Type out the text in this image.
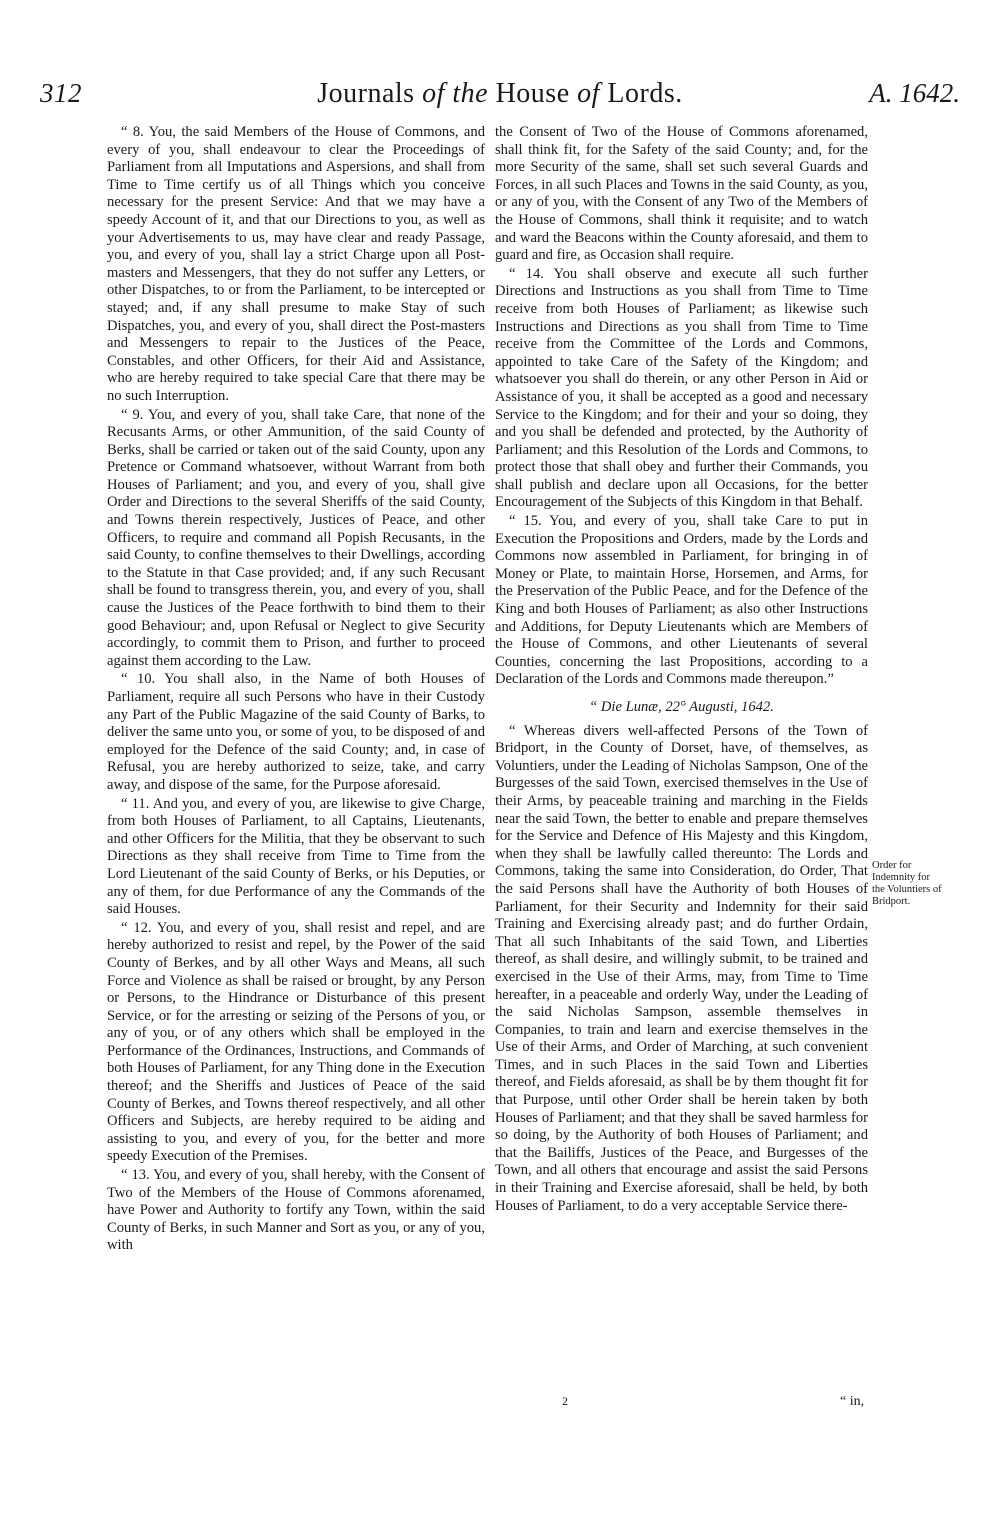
312	Journals of the House of Lords.	A. 1642.

“ 8. You, the said Members of the House of Commons, and every of you, shall endeavour to clear the Proceedings of Parliament from all Imputations and Aspersions, and shall from Time to Time certify us of all Things which you conceive necessary for the present Service: And that we may have a speedy Account of it, and that our Directions to you, as well as your Advertisements to us, may have clear and ready Passage, you, and every of you, shall lay a strict Charge upon all Post-masters and Messengers, that they do not suffer any Letters, or other Dispatches, to or from the Parliament, to be intercepted or stayed; and, if any shall presume to make Stay of such Dispatches, you, and every of you, shall direct the Post-masters and Messengers to repair to the Justices of the Peace, Constables, and other Officers, for their Aid and Assistance, who are hereby required to take special Care that there may be no such Interruption.

“ 9. You, and every of you, shall take Care, that none of the Recusants Arms, or other Ammunition, of the said County of Berks, shall be carried or taken out of the said County, upon any Pretence or Command whatsoever, without Warrant from both Houses of Parliament; and you, and every of you, shall give Order and Directions to the several Sheriffs of the said County, and Towns therein respectively, Justices of Peace, and other Officers, to require and command all Popish Recusants, in the said County, to confine themselves to their Dwellings, according to the Statute in that Case provided; and, if any such Recusant shall be found to transgress therein, you, and every of you, shall cause the Justices of the Peace forthwith to bind them to their good Behaviour; and, upon Refusal or Neglect to give Security accordingly, to commit them to Prison, and further to proceed against them according to the Law.

“ 10. You shall also, in the Name of both Houses of Parliament, require all such Persons who have in their Custody any Part of the Public Magazine of the said County of Barks, to deliver the same unto you, or some of you, to be disposed of and employed for the Defence of the said County; and, in case of Refusal, you are hereby authorized to seize, take, and carry away, and dispose of the same, for the Purpose aforesaid.

“ 11. And you, and every of you, are likewise to give Charge, from both Houses of Parliament, to all Captains, Lieutenants, and other Officers for the Militia, that they be observant to such Directions as they shall receive from Time to Time from the Lord Lieutenant of the said County of Berks, or his Deputies, or any of them, for due Performance of any the Commands of the said Houses.

“ 12. You, and every of you, shall resist and repel, and are hereby authorized to resist and repel, by the Power of the said County of Berkes, and by all other Ways and Means, all such Force and Violence as shall be raised or brought, by any Person or Persons, to the Hindrance or Disturbance of this present Service, or for the arresting or seizing of the Persons of you, or any of you, or of any others which shall be employed in the Performance of the Ordinances, Instructions, and Commands of both Houses of Parliament, for any Thing done in the Execution thereof; and the Sheriffs and Justices of Peace of the said County of Berkes, and Towns thereof respectively, and all other Officers and Subjects, are hereby required to be aiding and assisting to you, and every of you, for the better and more speedy Execution of the Premises.

“ 13. You, and every of you, shall hereby, with the Consent of Two of the Members of the House of Commons aforenamed, have Power and Authority to fortify any Town, within the said County of Berks, in such Manner and Sort as you, or any of you, with

the Consent of Two of the House of Commons aforenamed, shall think fit, for the Safety of the said County; and, for the more Security of the same, shall set such several Guards and Forces, in all such Places and Towns in the said County, as you, or any of you, with the Consent of any Two of the Members of the House of Commons, shall think it requisite; and to watch and ward the Beacons within the County aforesaid, and them to guard and fire, as Occasion shall require.

“ 14. You shall observe and execute all such further Directions and Instructions as you shall from Time to Time receive from both Houses of Parliament; as likewise such Instructions and Directions as you shall from Time to Time receive from the Committee of the Lords and Commons, appointed to take Care of the Safety of the Kingdom; and whatsoever you shall do therein, or any other Person in Aid or Assistance of you, it shall be accepted as a good and necessary Service to the Kingdom; and for their and your so doing, they and you shall be defended and protected, by the Authority of Parliament; and this Resolution of the Lords and Commons, to protect those that shall obey and further their Commands, you shall publish and declare upon all Occasions, for the better Encouragement of the Subjects of this Kingdom in that Behalf.

“ 15. You, and every of you, shall take Care to put in Execution the Propositions and Orders, made by the Lords and Commons now assembled in Parliament, for bringing in of Money or Plate, to maintain Horse, Horsemen, and Arms, for the Preservation of the Public Peace, and for the Defence of the King and both Houses of Parliament; as also other Instructions and Additions, for Deputy Lieutenants which are Members of the House of Commons, and other Lieutenants of several Counties, concerning the last Propositions, according to a Declaration of the Lords and Commons made thereupon.”

“ Die Lunæ, 22° Augusti, 1642.

“ Whereas divers well-affected Persons of the Town of Bridport, in the County of Dorset, have, of themselves, as Voluntiers, under the Leading of Nicholas Sampson, One of the Burgesses of the said Town, exercised themselves in the Use of their Arms, by peaceable training and marching in the Fields near the said Town, the better to enable and prepare themselves for the Service and Defence of His Majesty and this Kingdom, when they shall be lawfully called thereunto: The Lords and Commons, taking the same into Consideration, do Order, That the said Persons shall have the Authority of both Houses of Parliament, for their Security and Indemnity for their said Training and Exercising already past; and do further Ordain, That all such Inhabitants of the said Town, and Liberties thereof, as shall desire, and willingly submit, to be trained and exercised in the Use of their Arms, may, from Time to Time hereafter, in a peaceable and orderly Way, under the Leading of the said Nicholas Sampson, assemble themselves in Companies, to train and learn and exercise themselves in the Use of their Arms, and Order of Marching, at such convenient Times, and in such Places in the said Town and Liberties thereof, and Fields aforesaid, as shall be by them thought fit for that Purpose, until other Order shall be herein taken by both Houses of Parliament; and that they shall be saved harmless for so doing, by the Authority of both Houses of Parliament; and that the Bailiffs, Justices of the Peace, and Burgesses of the Town, and all others that encourage and assist the said Persons in their Training and Exercise aforesaid, shall be held, by both Houses of Parliament, to do a very acceptable Service there-

Order for Indemnity for the Voluntiers of Bridport.
2	“ in,
